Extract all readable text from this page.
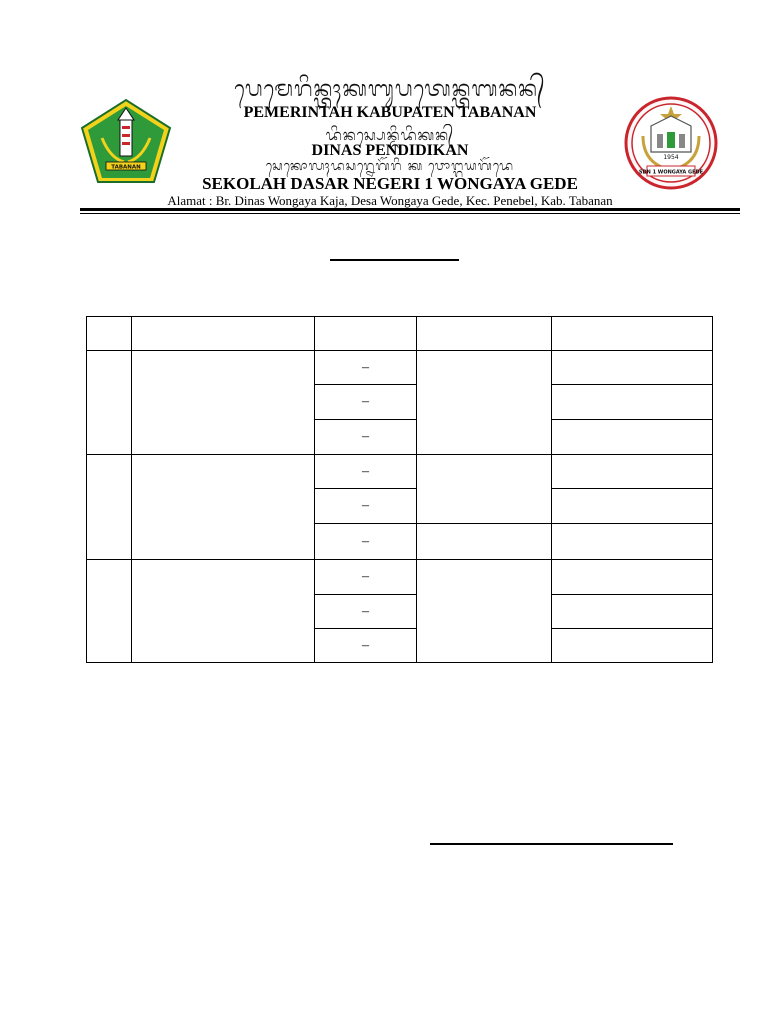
TABANAN
ᬧᬾᬫᬾᬭᬶᬦ᭄ᬢᬄᬓᬩᬸᬧᬢᬾᬦ᭄ᬢᬩᬦᬦ᭄
PEMERINTAH KABUPATEN TABANAN
ᬤᬶᬦᬲ᭄ᬧᬾᬦ᭄ᬤᬶᬤᬶᬓᬦ᭄
DINAS PENDIDIKAN
ᬲᬾᬓᭀᬮᬄᬤᬲᬭ᭄ᬦᬾᬕᭂᬭᬶ ᬓ ᬯᭀᬗ᭄ᬕᬬᬕᭂᬤᬾ
SEKOLAH DASAR NEGERI 1 WONGAYA GEDE
Alamat : Br. Dinas Wongaya Kaja, Desa Wongaya Gede, Kec. Penebel, Kab. Tabanan
1954
SDN 1 WONGAYA GEDE

		–		
		–		
		–		
		–		
		–		
		–		
		–		
		–		
		–		
